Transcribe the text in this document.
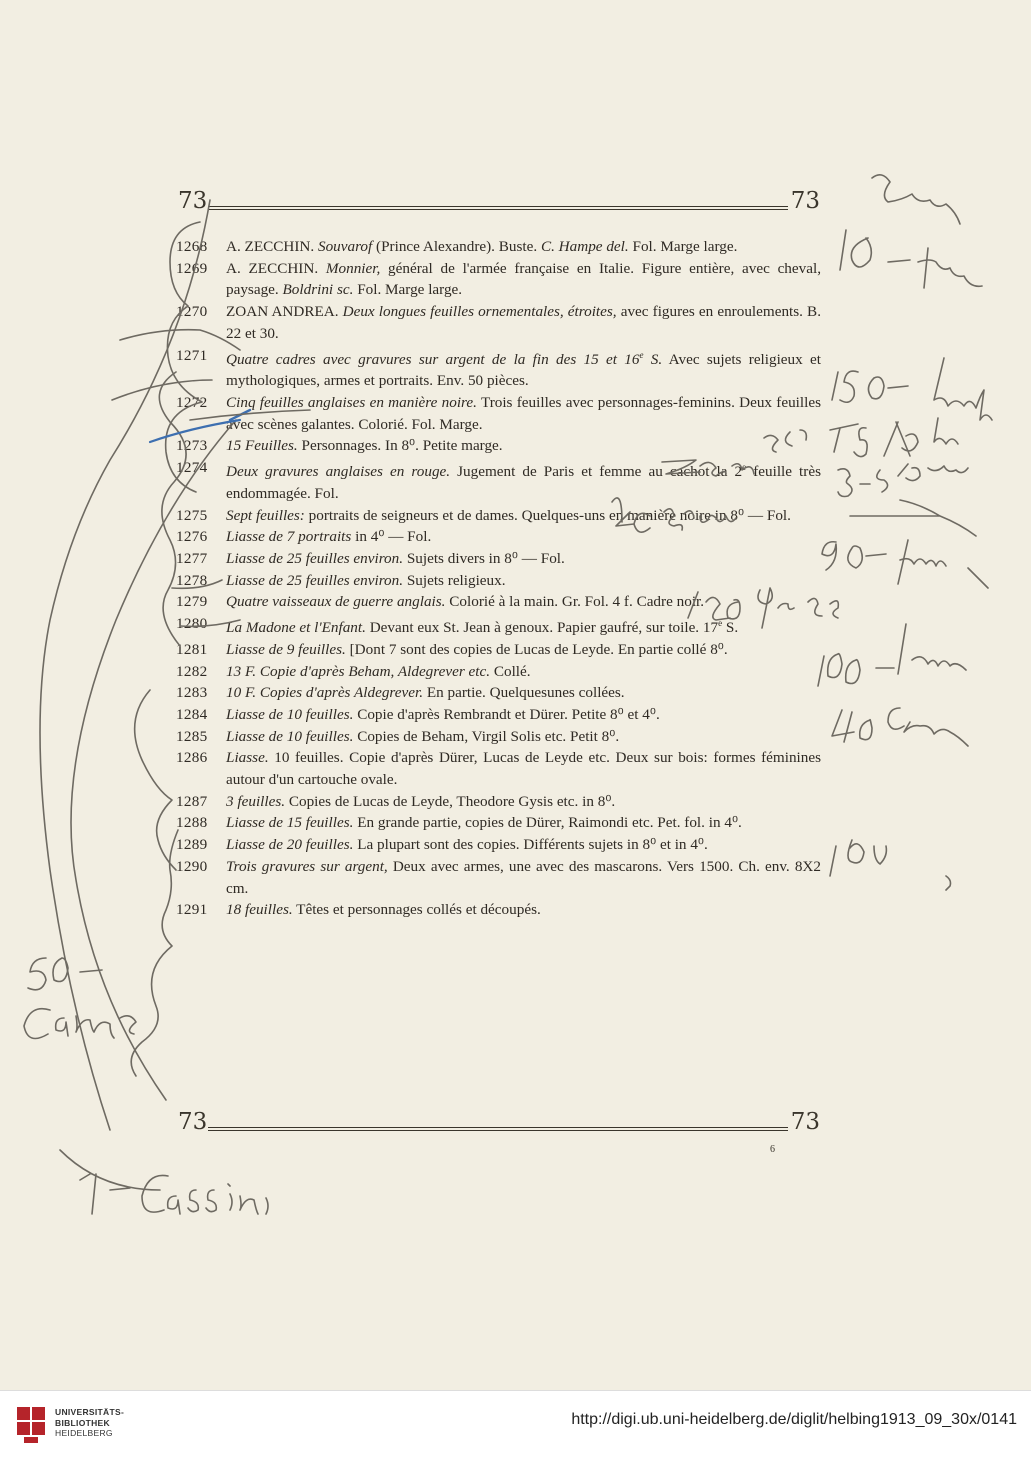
73	73
1268	A. ZECCHIN. Souvarof (Prince Alexandre). Buste. C. Hampe del. Fol. Marge large.
1269	A. ZECCHIN. Monnier, général de l'armée française en Italie. Figure entière, avec cheval, paysage. Boldrini sc. Fol. Marge large.
1270	ZOAN ANDREA. Deux longues feuilles ornementales, étroites, avec figures en enroulements. B. 22 et 30.
1271	Quatre cadres avec gravures sur argent de la fin des 15 et 16e S. Avec sujets religieux et mythologiques, armes et portraits. Env. 50 pièces.
1272	Cinq feuilles anglaises en manière noire. Trois feuilles avec personnages-feminins. Deux feuilles avec scènes galantes. Colorié. Fol. Marge.
1273	15 Feuilles. Personnages. In 8⁰. Petite marge.
1274	Deux gravures anglaises en rouge. Jugement de Paris et femme au cachot la 2e feuille très endommagée. Fol.
1275	Sept feuilles: portraits de seigneurs et de dames. Quelques-uns en manière noire in 8⁰ — Fol.
1276	Liasse de 7 portraits in 4⁰ — Fol.
1277	Liasse de 25 feuilles environ. Sujets divers in 8⁰ — Fol.
1278	Liasse de 25 feuilles environ. Sujets religieux.
1279	Quatre vaisseaux de guerre anglais. Colorié à la main. Gr. Fol. 4 f. Cadre noir.
1280	La Madone et l'Enfant. Devant eux St. Jean à genoux. Papier gaufré, sur toile. 17e S.
1281	Liasse de 9 feuilles. [Dont 7 sont des copies de Lucas de Leyde. En partie collé 8⁰.
1282	13 F. Copie d'après Beham, Aldegrever etc. Collé.
1283	10 F. Copies d'après Aldegrever. En partie. Quelquesunes collées.
1284	Liasse de 10 feuilles. Copie d'après Rembrandt et Dürer. Petite 8⁰ et 4⁰.
1285	Liasse de 10 feuilles. Copies de Beham, Virgil Solis etc. Petit 8⁰.
1286	Liasse. 10 feuilles. Copie d'après Dürer, Lucas de Leyde etc. Deux sur bois: formes féminines autour d'un cartouche ovale.
1287	3 feuilles. Copies de Lucas de Leyde, Theodore Gysis etc. in 8⁰.
1288	Liasse de 15 feuilles. En grande partie, copies de Dürer, Raimondi etc. Pet. fol. in 4⁰.
1289	Liasse de 20 feuilles. La plupart sont des copies. Différents sujets in 8⁰ et in 4⁰.
1290	Trois gravures sur argent, Deux avec armes, une avec des mascarons. Vers 1500. Ch. env. 8X2 cm.
1291	18 feuilles. Têtes et personnages collés et découpés.
73	73
6
UNIVERSITÄTS-
BIBLIOTHEK
HEIDELBERG
http://digi.ub.uni-heidelberg.de/diglit/helbing1913_09_30x/0141
